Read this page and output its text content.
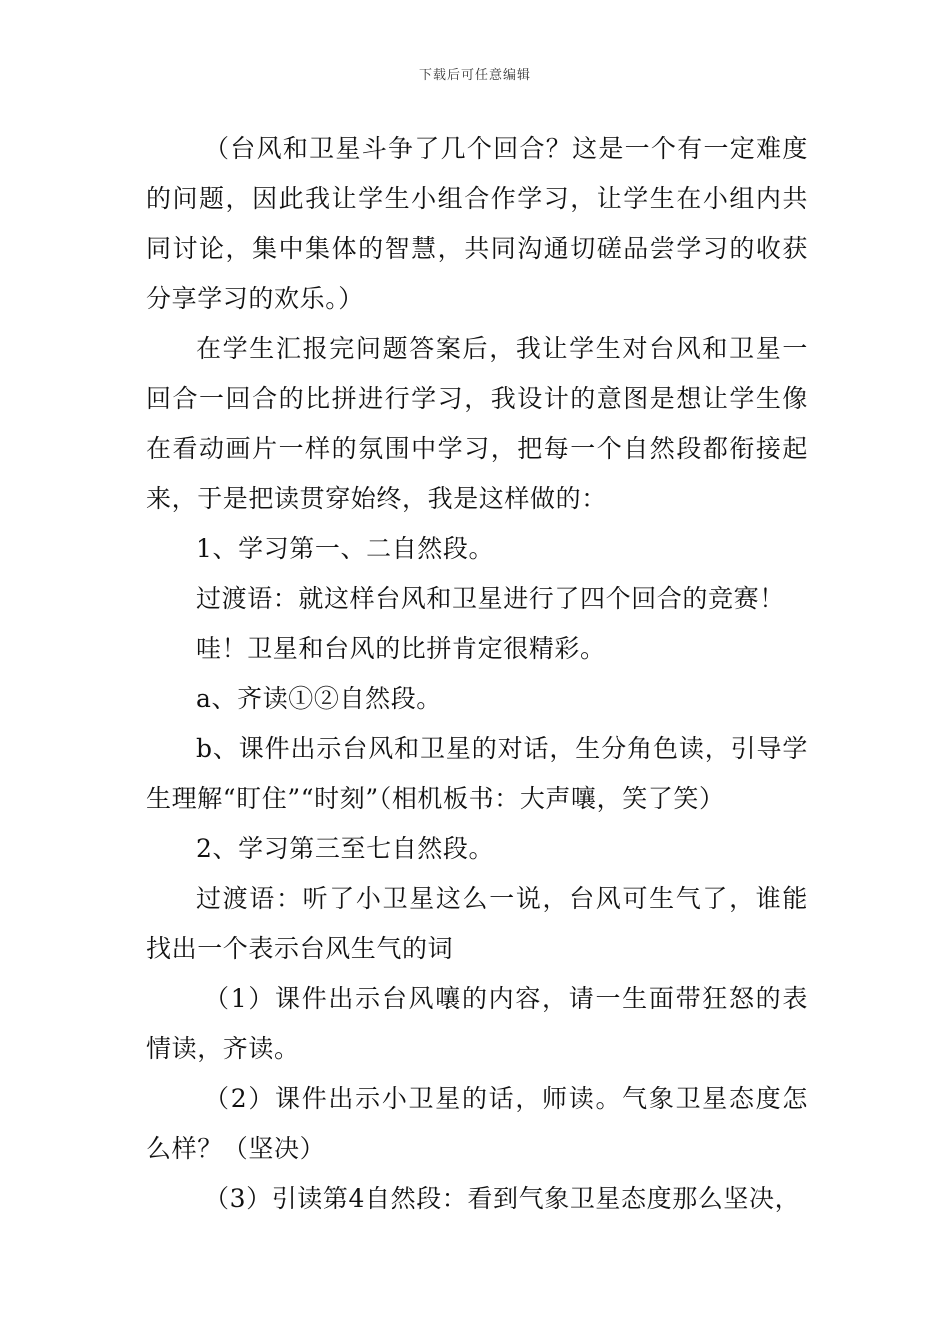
下载后可任意编辑

（台风和卫星斗争了几个回合？这是一个有一定难度的问题，因此我让学生小组合作学习，让学生在小组内共同讨论，集中集体的智慧，共同沟通切磋品尝学习的收获分享学习的欢乐。）

在学生汇报完问题答案后，我让学生对台风和卫星一回合一回合的比拼进行学习，我设计的意图是想让学生像在看动画片一样的氛围中学习，把每一个自然段都衔接起来，于是把读贯穿始终，我是这样做的：

1、学习第一、二自然段。

过渡语：就这样台风和卫星进行了四个回合的竞赛！

哇！卫星和台风的比拼肯定很精彩。

a、齐读①②自然段。

b、课件出示台风和卫星的对话，生分角色读，引导学生理解“盯住”“时刻”（相机板书：大声嚷，笑了笑）

2、学习第三至七自然段。

过渡语：听了小卫星这么一说，台风可生气了，谁能找出一个表示台风生气的词

（1）课件出示台风嚷的内容，请一生面带狂怒的表情读，齐读。

（2）课件出示小卫星的话，师读。气象卫星态度怎么样？（坚决）

（3）引读第4自然段：看到气象卫星态度那么坚决，
